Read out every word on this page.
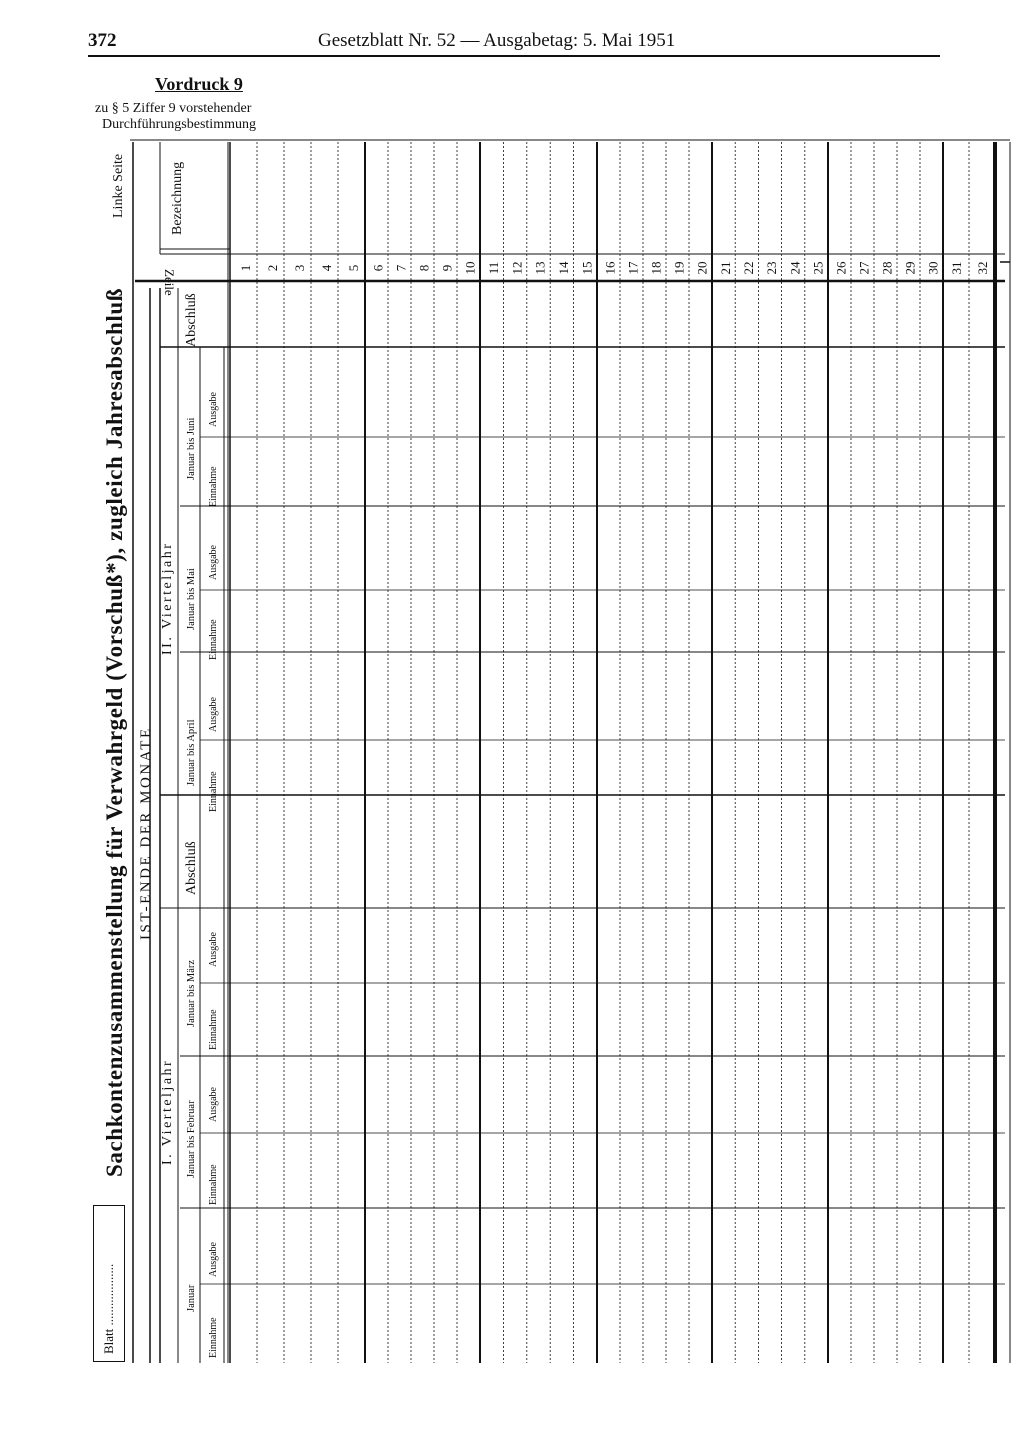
372	Gesetzblatt Nr. 52 — Ausgabetag: 5. Mai 1951
Vordruck 9
zu § 5 Ziffer 9 vorstehender
Durchführungsbestimmung
Sachkontenzusammenstellung für Verwahrgeld (Vorschuß*), zugleich Jahresabschluß
Blatt ...................
Linke Seite	Bezeichnung
Zeile
IST-ENDE DER MONATE
I. Vierteljahr
II. Vierteljahr
Januar
Januar bis Februar
Januar bis März
Januar bis April
Januar bis Mai
Januar bis Juni
Einnahme
Ausgabe
Einnahme
Ausgabe
Einnahme
Ausgabe
Einnahme
Ausgabe
Einnahme
Ausgabe
Einnahme
Ausgabe
Abschluß
Abschluß
1 2 3 4 5 6 7 8 9 10 11 12 13 14 15 16 17 18 19 20 21 22 23 24 25 26 27 28 29 30 31 32
